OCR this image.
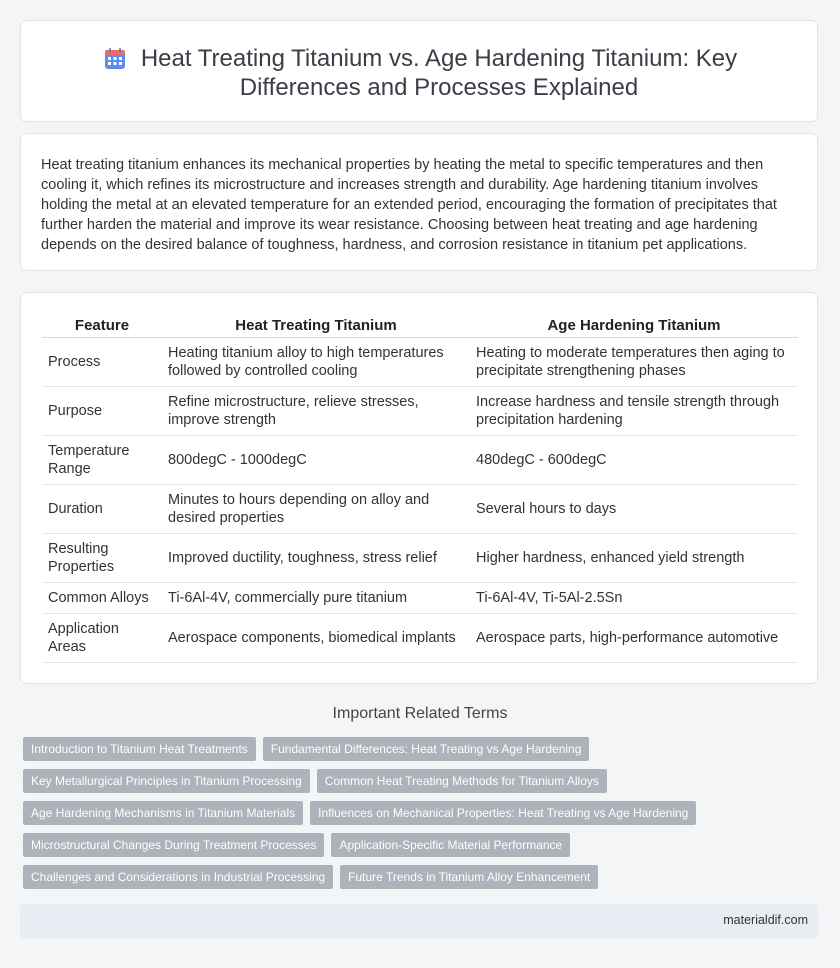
Heat Treating Titanium vs. Age Hardening Titanium: Key Differences and Processes Explained

Heat treating titanium enhances its mechanical properties by heating the metal to specific temperatures and then cooling it, which refines its microstructure and increases strength and durability. Age hardening titanium involves holding the metal at an elevated temperature for an extended period, encouraging the formation of precipitates that further harden the material and improve its wear resistance. Choosing between heat treating and age hardening depends on the desired balance of toughness, hardness, and corrosion resistance in titanium pet applications.

Feature	Heat Treating Titanium	Age Hardening Titanium
Process	Heating titanium alloy to high temperatures followed by controlled cooling	Heating to moderate temperatures then aging to precipitate strengthening phases
Purpose	Refine microstructure, relieve stresses, improve strength	Increase hardness and tensile strength through precipitation hardening
Temperature Range	800degC - 1000degC	480degC - 600degC
Duration	Minutes to hours depending on alloy and desired properties	Several hours to days
Resulting Properties	Improved ductility, toughness, stress relief	Higher hardness, enhanced yield strength
Common Alloys	Ti-6Al-4V, commercially pure titanium	Ti-6Al-4V, Ti-5Al-2.5Sn
Application Areas	Aerospace components, biomedical implants	Aerospace parts, high-performance automotive
Important Related Terms
Introduction to Titanium Heat Treatments	Fundamental Differences: Heat Treating vs Age Hardening
Key Metallurgical Principles in Titanium Processing	Common Heat Treating Methods for Titanium Alloys
Age Hardening Mechanisms in Titanium Materials	Influences on Mechanical Properties: Heat Treating vs Age Hardening
Microstructural Changes During Treatment Processes	Application-Specific Material Performance
Challenges and Considerations in Industrial Processing	Future Trends in Titanium Alloy Enhancement
materialdif.com
